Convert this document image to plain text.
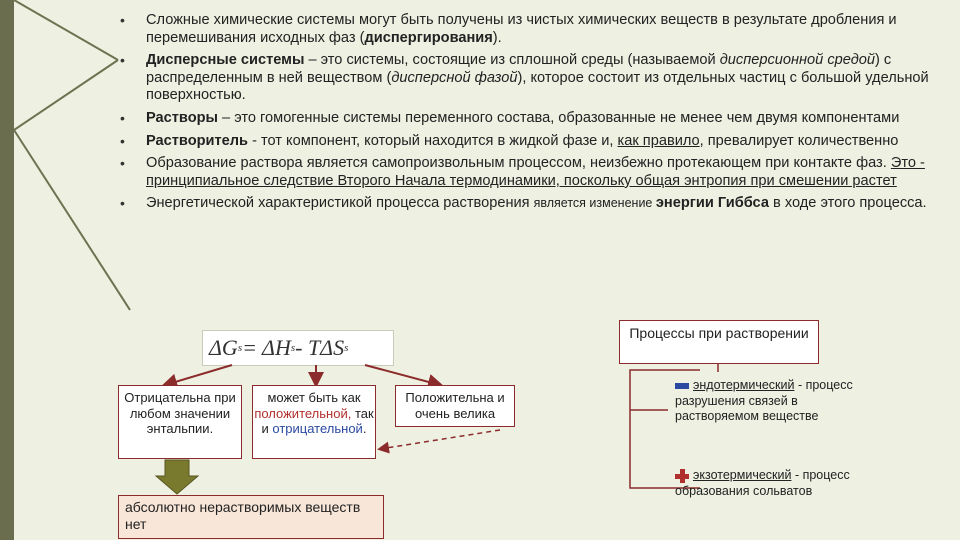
• Сложные химические системы могут быть получены из чистых химических веществ в результате дробления и перемешивания исходных фаз (диспергирования).
• Дисперсные системы – это системы, состоящие из сплошной среды (называемой дисперсионной средой) с распределенным в ней веществом (дисперсной фазой), которое состоит из отдельных частиц с большой удельной поверхностью.
• Растворы – это гомогенные системы переменного состава, образованные не менее чем двумя компонентами
• Растворитель - тот компонент, который находится в жидкой фазе и, как правило, превалирует количественно
• Образование раствора является самопроизвольным процессом, неизбежно протекающем при контакте фаз. Это - принципиальное следствие Второго Начала термодинамики, поскольку общая энтропия при смешении растет
• Энергетической характеристикой процесса растворения является изменение энергии Гиббса в ходе этого процесса.
ΔG s = ΔH s - TΔS s
Отрицательна при любом значении энтальпии.
может быть как положительной, так и отрицательной.
Положительна и очень велика
абсолютно нерастворимых веществ нет
Процессы при растворении
эндотермический - процесс разрушения связей в растворяемом веществе
экзотермический - процесс образования сольватов
